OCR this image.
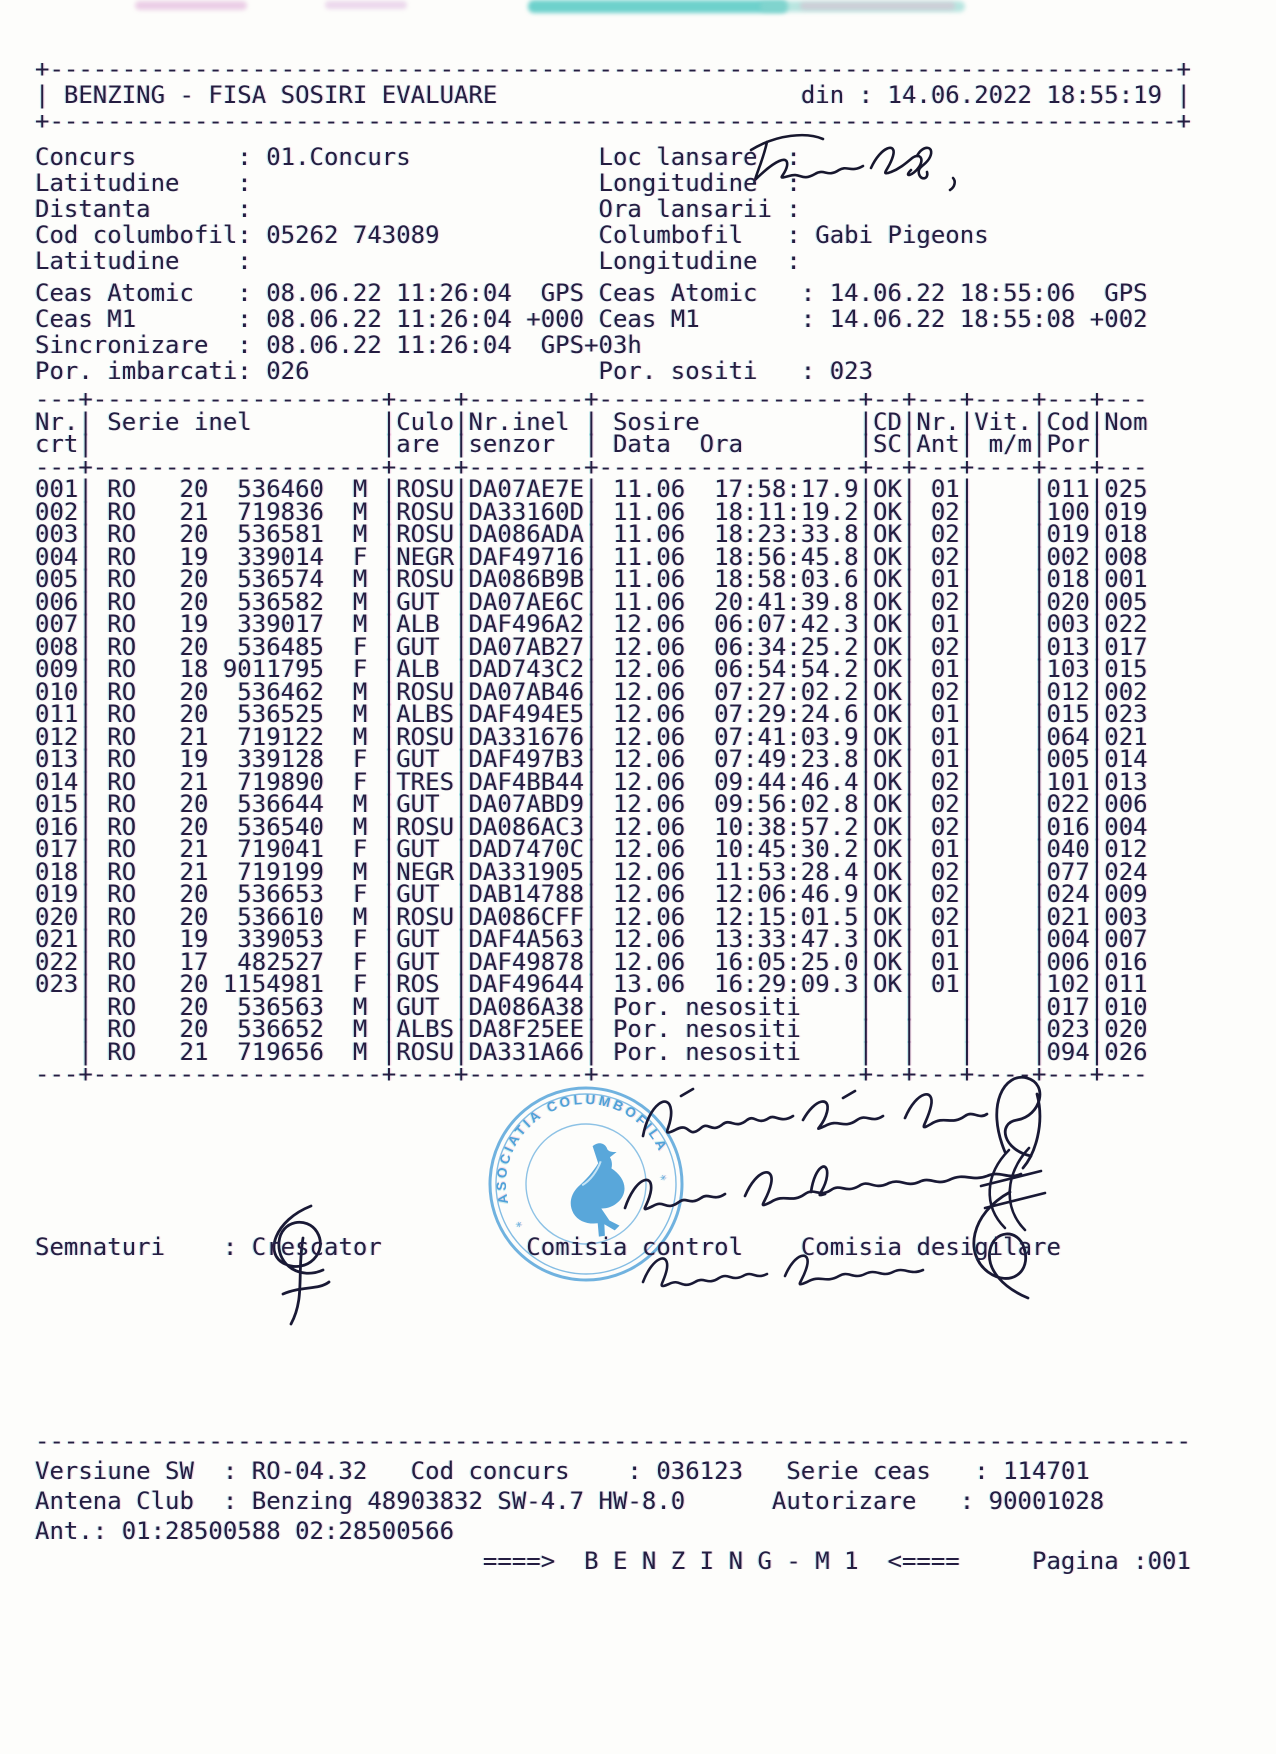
+------------------------------------------------------------------------------+
| BENZING - FISA SOSIRI EVALUARE                     din : 14.06.2022 18:55:19 |
+------------------------------------------------------------------------------+
Concurs       : 01.Concurs             Loc lansare  :
Latitudine    :                        Longitudine  :
Distanta      :                        Ora lansarii :
Cod columbofil: 05262 743089           Columbofil   : Gabi Pigeons
Latitudine    :                        Longitudine  :
Ceas Atomic   : 08.06.22 11:26:04  GPS Ceas Atomic   : 14.06.22 18:55:06  GPS
Ceas M1       : 08.06.22 11:26:04 +000 Ceas M1       : 14.06.22 18:55:08 +002
Sincronizare  : 08.06.22 11:26:04  GPS+03h
Por. imbarcati: 026                    Por. sositi   : 023
---+--------------------+----+--------+------------------+--+---+----+---+---
Nr.| Serie inel         |Culo|Nr.inel | Sosire           |CD|Nr.|Vit.|Cod|Nom
crt|                    |are |senzor  | Data  Ora        |SC|Ant| m/m|Por|
---+--------------------+----+--------+------------------+--+---+----+---+---
001| RO   20  536460  M |ROSU|DA07AE7E| 11.06  17:58:17.9|OK| 01|    |011|025
002| RO   21  719836  M |ROSU|DA33160D| 11.06  18:11:19.2|OK| 02|    |100|019
003| RO   20  536581  M |ROSU|DA086ADA| 11.06  18:23:33.8|OK| 02|    |019|018
004| RO   19  339014  F |NEGR|DAF49716| 11.06  18:56:45.8|OK| 02|    |002|008
005| RO   20  536574  M |ROSU|DA086B9B| 11.06  18:58:03.6|OK| 01|    |018|001
006| RO   20  536582  M |GUT |DA07AE6C| 11.06  20:41:39.8|OK| 02|    |020|005
007| RO   19  339017  M |ALB |DAF496A2| 12.06  06:07:42.3|OK| 01|    |003|022
008| RO   20  536485  F |GUT |DA07AB27| 12.06  06:34:25.2|OK| 02|    |013|017
009| RO   18 9011795  F |ALB |DAD743C2| 12.06  06:54:54.2|OK| 01|    |103|015
010| RO   20  536462  M |ROSU|DA07AB46| 12.06  07:27:02.2|OK| 02|    |012|002
011| RO   20  536525  M |ALBS|DAF494E5| 12.06  07:29:24.6|OK| 01|    |015|023
012| RO   21  719122  M |ROSU|DA331676| 12.06  07:41:03.9|OK| 01|    |064|021
013| RO   19  339128  F |GUT |DAF497B3| 12.06  07:49:23.8|OK| 01|    |005|014
014| RO   21  719890  F |TRES|DAF4BB44| 12.06  09:44:46.4|OK| 02|    |101|013
015| RO   20  536644  M |GUT |DA07ABD9| 12.06  09:56:02.8|OK| 02|    |022|006
016| RO   20  536540  M |ROSU|DA086AC3| 12.06  10:38:57.2|OK| 02|    |016|004
017| RO   21  719041  F |GUT |DAD7470C| 12.06  10:45:30.2|OK| 01|    |040|012
018| RO   21  719199  M |NEGR|DA331905| 12.06  11:53:28.4|OK| 02|    |077|024
019| RO   20  536653  F |GUT |DAB14788| 12.06  12:06:46.9|OK| 02|    |024|009
020| RO   20  536610  M |ROSU|DA086CFF| 12.06  12:15:01.5|OK| 02|    |021|003
021| RO   19  339053  F |GUT |DAF4A563| 12.06  13:33:47.3|OK| 01|    |004|007
022| RO   17  482527  F |GUT |DAF49878| 12.06  16:05:25.0|OK| 01|    |006|016
023| RO   20 1154981  F |ROS |DAF49644| 13.06  16:29:09.3|OK| 01|    |102|011
| RO   20  536563  M |GUT |DA086A38| Por. nesositi    |  |   |    |017|010
| RO   20  536652  M |ALBS|DA8F25EE| Por. nesositi    |  |   |    |023|020
| RO   21  719656  M |ROSU|DA331A66| Por. nesositi    |  |   |    |094|026
---+--------------------+----+--------+------------------+--+---+----+---+---
ASOCIATIA COLUMBOFILA
*
*
Semnaturi    : Crescator          Comisia control    Comisia desigilare
--------------------------------------------------------------------------------
Versiune SW  : RO-04.32   Cod concurs    : 036123   Serie ceas   : 114701
Antena Club  : Benzing 48903832 SW-4.7 HW-8.0      Autorizare   : 90001028
Ant.: 01:28500588 02:28500566
====>  B E N Z I N G - M 1  <====     Pagina :001
